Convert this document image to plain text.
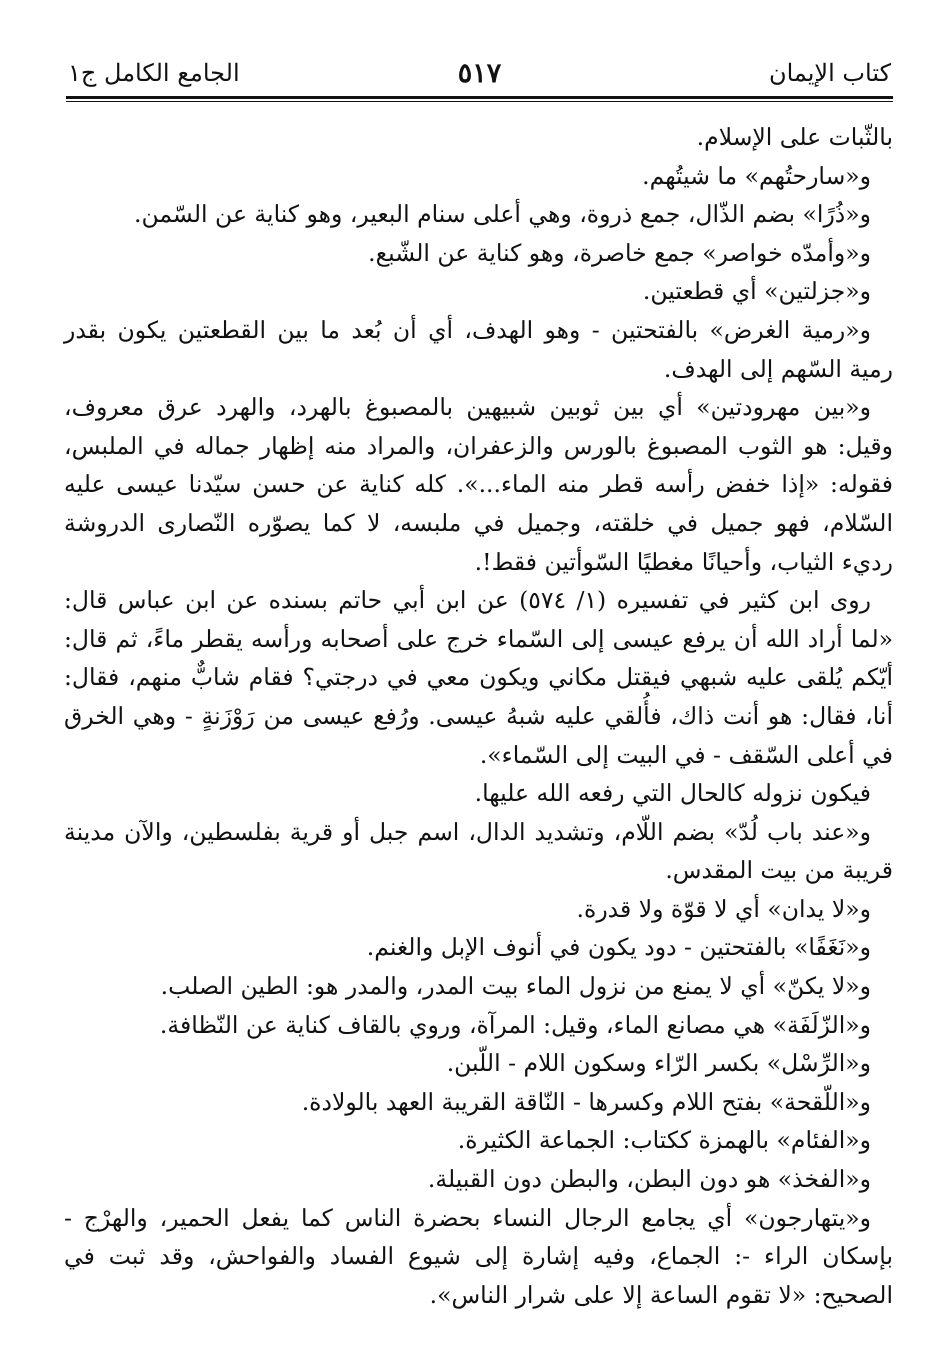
كتاب الإيمان
٥١٧
الجامع الكامل ج١

بالثّبات على الإسلام.

و«سارحتُهم» ما شيتُهم.

و«ذُرًا» بضم الذّال، جمع ذروة، وهي أعلى سنام البعير، وهو كناية عن السّمن.

و«وأمدّه خواصر» جمع خاصرة، وهو كناية عن الشّبع.

و«جزلتين» أي قطعتين.

و«رمية الغرض» بالفتحتين - وهو الهدف، أي أن بُعد ما بين القطعتين يكون بقدر رمية السّهم إلى الهدف.

و«بين مهرودتين» أي بين ثوبين شبيهين بالمصبوغ بالهرد، والهرد عرق معروف، وقيل: هو الثوب المصبوغ بالورس والزعفران، والمراد منه إظهار جماله في الملبس، فقوله: «إذا خفض رأسه قطر منه الماء...». كله كناية عن حسن سيّدنا عيسى عليه السّلام، فهو جميل في خلقته، وجميل في ملبسه، لا كما يصوّره النّصارى الدروشة رديء الثياب، وأحيانًا مغطيًا السّوأتين فقط!.

روى ابن كثير في تفسيره (١/ ٥٧٤) عن ابن أبي حاتم بسنده عن ابن عباس قال: «لما أراد الله أن يرفع عيسى إلى السّماء خرج على أصحابه ورأسه يقطر ماءً، ثم قال: أيّكم يُلقى عليه شبهي فيقتل مكاني ويكون معي في درجتي؟ فقام شابٌّ منهم، فقال: أنا، فقال: هو أنت ذاك، فأُلقي عليه شبهُ عيسى. ورُفع عيسى من رَوْزَنةٍ - وهي الخرق في أعلى السّقف - في البيت إلى السّماء».

فيكون نزوله كالحال التي رفعه الله عليها.

و«عند باب لُدّ» بضم اللّام، وتشديد الدال، اسم جبل أو قرية بفلسطين، والآن مدينة قريبة من بيت المقدس.

و«لا يدان» أي لا قوّة ولا قدرة.

و«نَغَفًا» بالفتحتين - دود يكون في أنوف الإبل والغنم.

و«لا يكنّ» أي لا يمنع من نزول الماء بيت المدر، والمدر هو: الطين الصلب.

و«الزّلَفَة» هي مصانع الماء، وقيل: المرآة، وروي بالقاف كناية عن النّظافة.

و«الرِّسْل» بكسر الرّاء وسكون اللام - اللّبن.

و«اللّقحة» بفتح اللام وكسرها - النّاقة القريبة العهد بالولادة.

و«الفئام» بالهمزة ككتاب: الجماعة الكثيرة.

و«الفخذ» هو دون البطن، والبطن دون القبيلة.

و«يتهارجون» أي يجامع الرجال النساء بحضرة الناس كما يفعل الحمير، والهرْج - بإسكان الراء -: الجماع، وفيه إشارة إلى شيوع الفساد والفواحش، وقد ثبت في الصحيح: «لا تقوم الساعة إلا على شرار الناس».
